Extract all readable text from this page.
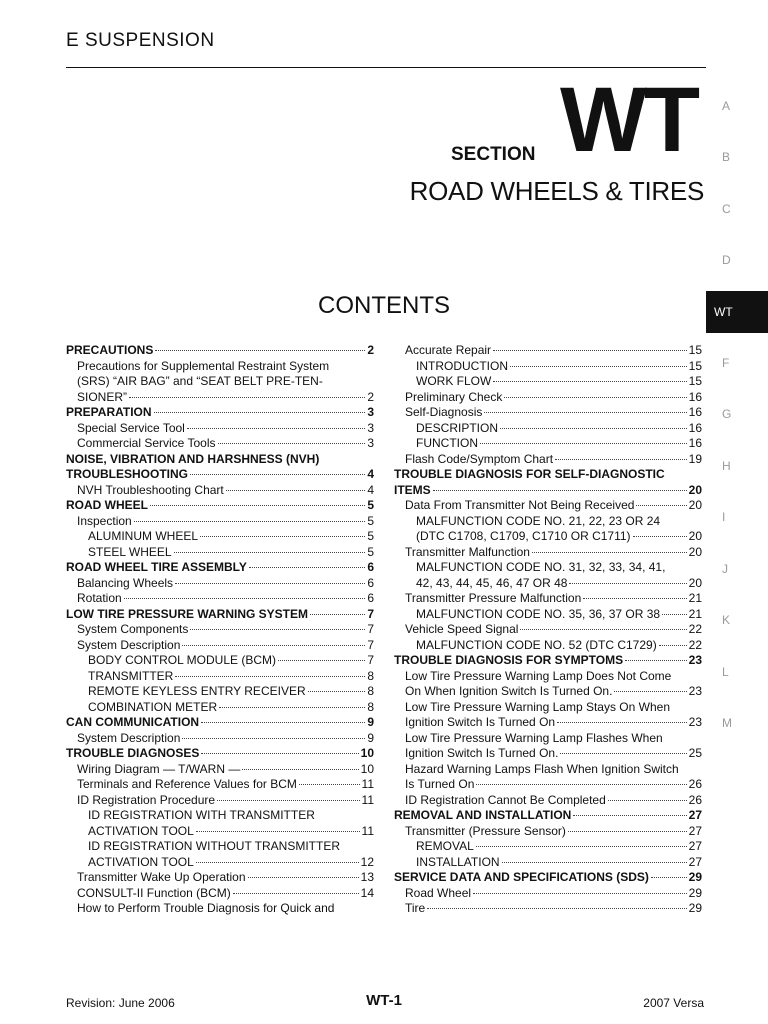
E SUSPENSION
SECTION WT
ROAD WHEELS & TIRES
CONTENTS
A
B
C
D
WT
F
G
H
I
J
K
L
M
PRECAUTIONS	2
Precautions for Supplemental Restraint System
(SRS) “AIR BAG” and “SEAT BELT PRE-TEN-
SIONER”	2
PREPARATION	3
Special Service Tool	3
Commercial Service Tools	3
NOISE, VIBRATION AND HARSHNESS (NVH)
TROUBLESHOOTING	4
NVH Troubleshooting Chart	4
ROAD WHEEL	5
Inspection	5
ALUMINUM WHEEL	5
STEEL WHEEL	5
ROAD WHEEL TIRE ASSEMBLY	6
Balancing Wheels	6
Rotation	6
LOW TIRE PRESSURE WARNING SYSTEM	7
System Components	7
System Description	7
BODY CONTROL MODULE (BCM)	7
TRANSMITTER	8
REMOTE KEYLESS ENTRY RECEIVER	8
COMBINATION METER	8
CAN COMMUNICATION	9
System Description	9
TROUBLE DIAGNOSES	10
Wiring Diagram — T/WARN —	10
Terminals and Reference Values for BCM	11
ID Registration Procedure	11
ID REGISTRATION WITH TRANSMITTER
ACTIVATION TOOL	11
ID REGISTRATION WITHOUT TRANSMITTER
ACTIVATION TOOL	12
Transmitter Wake Up Operation	13
CONSULT-II Function (BCM)	14
How to Perform Trouble Diagnosis for Quick and
Accurate Repair	15
INTRODUCTION	15
WORK FLOW	15
Preliminary Check	16
Self-Diagnosis	16
DESCRIPTION	16
FUNCTION	16
Flash Code/Symptom Chart	19
TROUBLE DIAGNOSIS FOR SELF-DIAGNOSTIC
ITEMS	20
Data From Transmitter Not Being Received	20
MALFUNCTION CODE NO. 21, 22, 23 OR 24
(DTC C1708, C1709, C1710 OR C1711)	20
Transmitter Malfunction	20
MALFUNCTION CODE NO. 31, 32, 33, 34, 41,
42, 43, 44, 45, 46, 47 OR 48	20
Transmitter Pressure Malfunction	21
MALFUNCTION CODE NO. 35, 36, 37 OR 38 21
Vehicle Speed Signal	22
MALFUNCTION CODE NO. 52 (DTC C1729)	22
TROUBLE DIAGNOSIS FOR SYMPTOMS	23
Low Tire Pressure Warning Lamp Does Not Come
On When Ignition Switch Is Turned On.	23
Low Tire Pressure Warning Lamp Stays On When
Ignition Switch Is Turned On	23
Low Tire Pressure Warning Lamp Flashes When
Ignition Switch Is Turned On.	25
Hazard Warning Lamps Flash When Ignition Switch
Is Turned On	26
ID Registration Cannot Be Completed	26
REMOVAL AND INSTALLATION	27
Transmitter (Pressure Sensor)	27
REMOVAL	27
INSTALLATION	27
SERVICE DATA AND SPECIFICATIONS (SDS)	29
Road Wheel	29
Tire	29
Revision: June 2006	WT-1	2007 Versa
